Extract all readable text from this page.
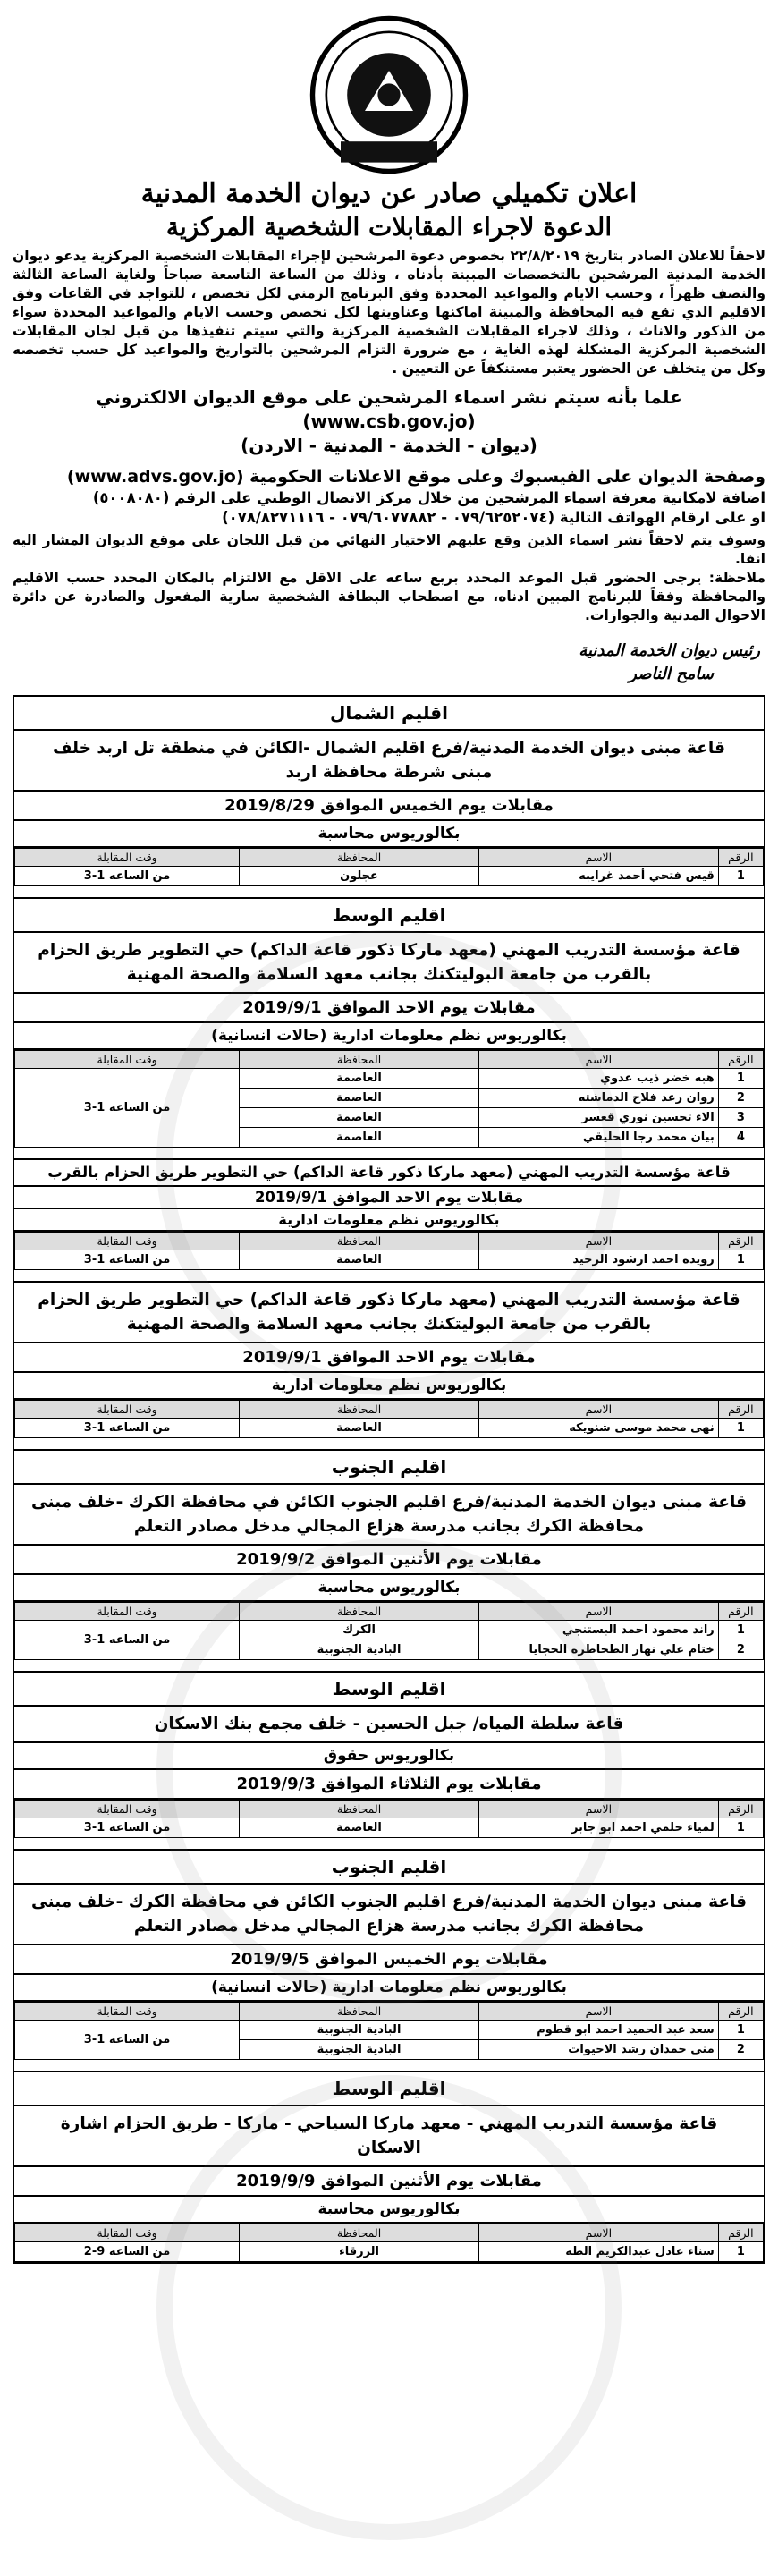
اعلان تكميلي صادر عن ديوان الخدمة المدنية
الدعوة لاجراء المقابلات الشخصية المركزية
لاحقاً للاعلان الصادر بتاريخ ٢٢/٨/٢٠١٩ بخصوص دعوة المرشحين لإجراء المقابلات الشخصية المركزية يدعو ديوان الخدمة المدنية المرشحين بالتخصصات المبينة بأدناه ، وذلك من الساعة التاسعة صباحاً ولغاية الساعة الثالثة والنصف ظهراً ، وحسب الايام والمواعيد المحددة وفق البرنامج الزمني لكل تخصص ، للتواجد في القاعات وفق الاقليم الذي تقع فيه المحافظة والمبينة اماكنها وعناوينها لكل تخصص وحسب الايام والمواعيد المحددة سواء من الذكور والاناث ، وذلك لاجراء المقابلات الشخصية المركزية والتي سيتم تنفيذها من قبل لجان المقابلات الشخصية المركزية المشكلة لهذه الغاية ، مع ضرورة التزام المرشحين بالتواريخ والمواعيد كل حسب تخصصه وكل من يتخلف عن الحضور يعتبر مستنكفاً عن التعيين .
علما بأنه سيتم نشر اسماء المرشحين على موقع الديوان الالكتروني (www.csb.gov.jo)
(ديوان - الخدمة - المدنية - الاردن)
وصفحة الديوان على الفيسبوك وعلى موقع الاعلانات الحكومية (www.advs.gov.jo)
اضافة لامكانية معرفة اسماء المرشحين من خلال مركز الاتصال الوطني على الرقم (٥٠٠٨٠٨٠)
او على ارقام الهواتف التالية (٠٧٩/٦٢٥٢٠٧٤ - ٠٧٩/٦٠٧٧٨٨٢ - ٠٧٨/٨٢٧١١١٦)
وسوف يتم لاحقاً نشر اسماء الذين وقع عليهم الاختيار النهائي من قبل اللجان على موقع الديوان المشار اليه انفا.
ملاحظة: يرجى الحضور قبل الموعد المحدد بربع ساعه على الاقل مع الالتزام بالمكان المحدد حسب الاقليم والمحافظة وفقاً للبرنامج المبين ادناه، مع اصطحاب البطاقة الشخصية سارية المفعول والصادرة عن دائرة الاحوال المدنية والجوازات.
رئيس ديوان الخدمة المدنية
سامح الناصر
اقليم الشمال
قاعة مبنى ديوان الخدمة المدنية/فرع اقليم الشمال -الكائن في منطقة تل اربد خلف مبنى شرطة محافظة اربد
مقابلات يوم الخميس الموافق 2019/8/29
بكالوريوس محاسبة
الرقم	الاسم	المحافظة	وقت المقابلة
1	قيس فتحي أحمد غرايبه	عجلون	من الساعه 1-3
اقليم الوسط
قاعة مؤسسة التدريب المهني (معهد ماركا ذكور قاعة الداكم) حي التطوير طريق الحزام بالقرب من جامعة البوليتكنك بجانب معهد السلامة والصحة المهنية
مقابلات يوم الاحد الموافق 2019/9/1
بكالوريوس نظم معلومات ادارية (حالات انسانية)
الرقم	الاسم	المحافظة	وقت المقابلة
1	هبه خضر ذيب عدوي	العاصمة	من الساعه 1-3
2	روان رعد فلاح الدماشته	العاصمة	
3	الاء تحسين نوري قعسر	العاصمة	
4	بيان محمد رجا الحليقي	العاصمة	
قاعة مؤسسة التدريب المهني (معهد ماركا ذكور قاعة الداكم) حي التطوير طريق الحزام بالقرب
مقابلات يوم الاحد الموافق 2019/9/1
بكالوريوس نظم معلومات ادارية
الرقم	الاسم	المحافظة	وقت المقابلة
1	رويده احمد ارشود الرحيد	العاصمة	من الساعه 1-3
قاعة مؤسسة التدريب المهني (معهد ماركا ذكور قاعة الداكم) حي التطوير طريق الحزام بالقرب من جامعة البوليتكنك بجانب معهد السلامة والصحة المهنية
مقابلات يوم الاحد الموافق 2019/9/1
بكالوريوس نظم معلومات ادارية
الرقم	الاسم	المحافظة	وقت المقابلة
1	نهى محمد موسى شنويكه	العاصمة	من الساعه 1-3
اقليم الجنوب
قاعة مبنى ديوان الخدمة المدنية/فرع اقليم الجنوب الكائن في محافظة الكرك -خلف مبنى محافظة الكرك بجانب مدرسة هزاع المجالي مدخل مصادر التعلم
مقابلات يوم الأثنين الموافق 2019/9/2
بكالوريوس محاسبة
الرقم	الاسم	المحافظة	وقت المقابلة
1	راند محمود احمد البستنجي	الكرك	من الساعه 1-3
2	ختام علي نهار الطحاطره الحجايا	البادية الجنوبية	
اقليم الوسط
قاعة سلطة المياه/ جبل الحسين - خلف مجمع بنك الاسكان
بكالوريوس حقوق
مقابلات يوم الثلاثاء الموافق 2019/9/3
الرقم	الاسم	المحافظة	وقت المقابلة
1	لمياء حلمي احمد ابو جابر	العاصمة	من الساعه 1-3
اقليم الجنوب
قاعة مبنى ديوان الخدمة المدنية/فرع اقليم الجنوب الكائن في محافظة الكرك -خلف مبنى محافظة الكرك بجانب مدرسة هزاع المجالي مدخل مصادر التعلم
مقابلات يوم الخميس الموافق 2019/9/5
بكالوريوس نظم معلومات ادارية (حالات انسانية)
الرقم	الاسم	المحافظة	وقت المقابلة
1	سعد عبد الحميد احمد ابو قطوم	البادية الجنوبية	من الساعه 1-3
2	منى حمدان رشد الاحيوات	البادية الجنوبية	
اقليم الوسط
قاعة مؤسسة التدريب المهني - معهد ماركا السياحي - ماركا - طريق الحزام اشارة الاسكان
مقابلات يوم الأثنين الموافق 2019/9/9
بكالوريوس محاسبة
الرقم	الاسم	المحافظة	وقت المقابلة
1	سناء عادل عبدالكريم الطه	الزرقاء	من الساعه 9-2
